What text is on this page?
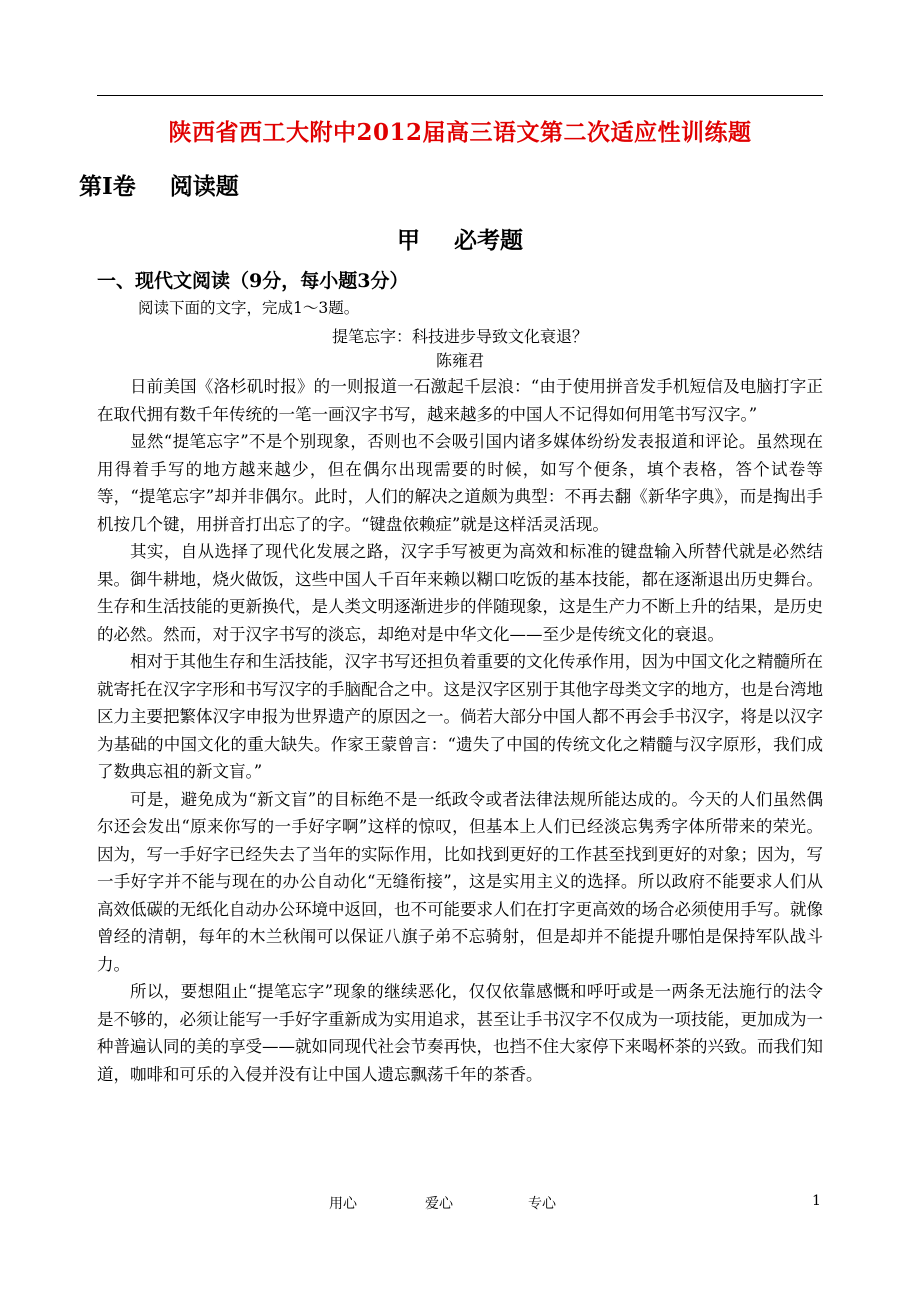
陕西省西工大附中2012届高三语文第二次适应性训练题
第Ⅰ卷 阅读题
甲 必考题
一、现代文阅读（9分，每小题3分）
阅读下面的文字，完成1～3题。
提笔忘字：科技进步导致文化衰退？
陈雍君

日前美国《洛杉矶时报》的一则报道一石激起千层浪：“由于使用拼音发手机短信及电脑打字正在取代拥有数千年传统的一笔一画汉字书写，越来越多的中国人不记得如何用笔书写汉字。”

显然“提笔忘字”不是个别现象，否则也不会吸引国内诸多媒体纷纷发表报道和评论。虽然现在用得着手写的地方越来越少，但在偶尔出现需要的时候，如写个便条，填个表格，答个试卷等等，“提笔忘字”却并非偶尔。此时，人们的解决之道颇为典型：不再去翻《新华字典》，而是掏出手机按几个键，用拼音打出忘了的字。“键盘依赖症”就是这样活灵活现。

其实，自从选择了现代化发展之路，汉字手写被更为高效和标准的键盘输入所替代就是必然结果。御牛耕地，烧火做饭，这些中国人千百年来赖以糊口吃饭的基本技能，都在逐渐退出历史舞台。生存和生活技能的更新换代，是人类文明逐渐进步的伴随现象，这是生产力不断上升的结果，是历史的必然。然而，对于汉字书写的淡忘，却绝对是中华文化——至少是传统文化的衰退。

相对于其他生存和生活技能，汉字书写还担负着重要的文化传承作用，因为中国文化之精髓所在就寄托在汉字字形和书写汉字的手脑配合之中。这是汉字区别于其他字母类文字的地方，也是台湾地区力主要把繁体汉字申报为世界遗产的原因之一。倘若大部分中国人都不再会手书汉字，将是以汉字为基础的中国文化的重大缺失。作家王蒙曾言：“遗失了中国的传统文化之精髓与汉字原形，我们成了数典忘祖的新文盲。”

可是，避免成为“新文盲”的目标绝不是一纸政令或者法律法规所能达成的。今天的人们虽然偶尔还会发出“原来你写的一手好字啊”这样的惊叹，但基本上人们已经淡忘隽秀字体所带来的荣光。因为，写一手好字已经失去了当年的实际作用，比如找到更好的工作甚至找到更好的对象；因为，写一手好字并不能与现在的办公自动化“无缝衔接”，这是实用主义的选择。所以政府不能要求人们从高效低碳的无纸化自动办公环境中返回，也不可能要求人们在打字更高效的场合必须使用手写。就像曾经的清朝，每年的木兰秋闱可以保证八旗子弟不忘骑射，但是却并不能提升哪怕是保持军队战斗力。

所以，要想阻止“提笔忘字”现象的继续恶化，仅仅依靠感慨和呼吁或是一两条无法施行的法令是不够的，必须让能写一手好字重新成为实用追求，甚至让手书汉字不仅成为一项技能，更加成为一种普遍认同的美的享受——就如同现代社会节奏再快，也挡不住大家停下来喝杯茶的兴致。而我们知道，咖啡和可乐的入侵并没有让中国人遗忘飘荡千年的茶香。

用心	爱心	专心	1
